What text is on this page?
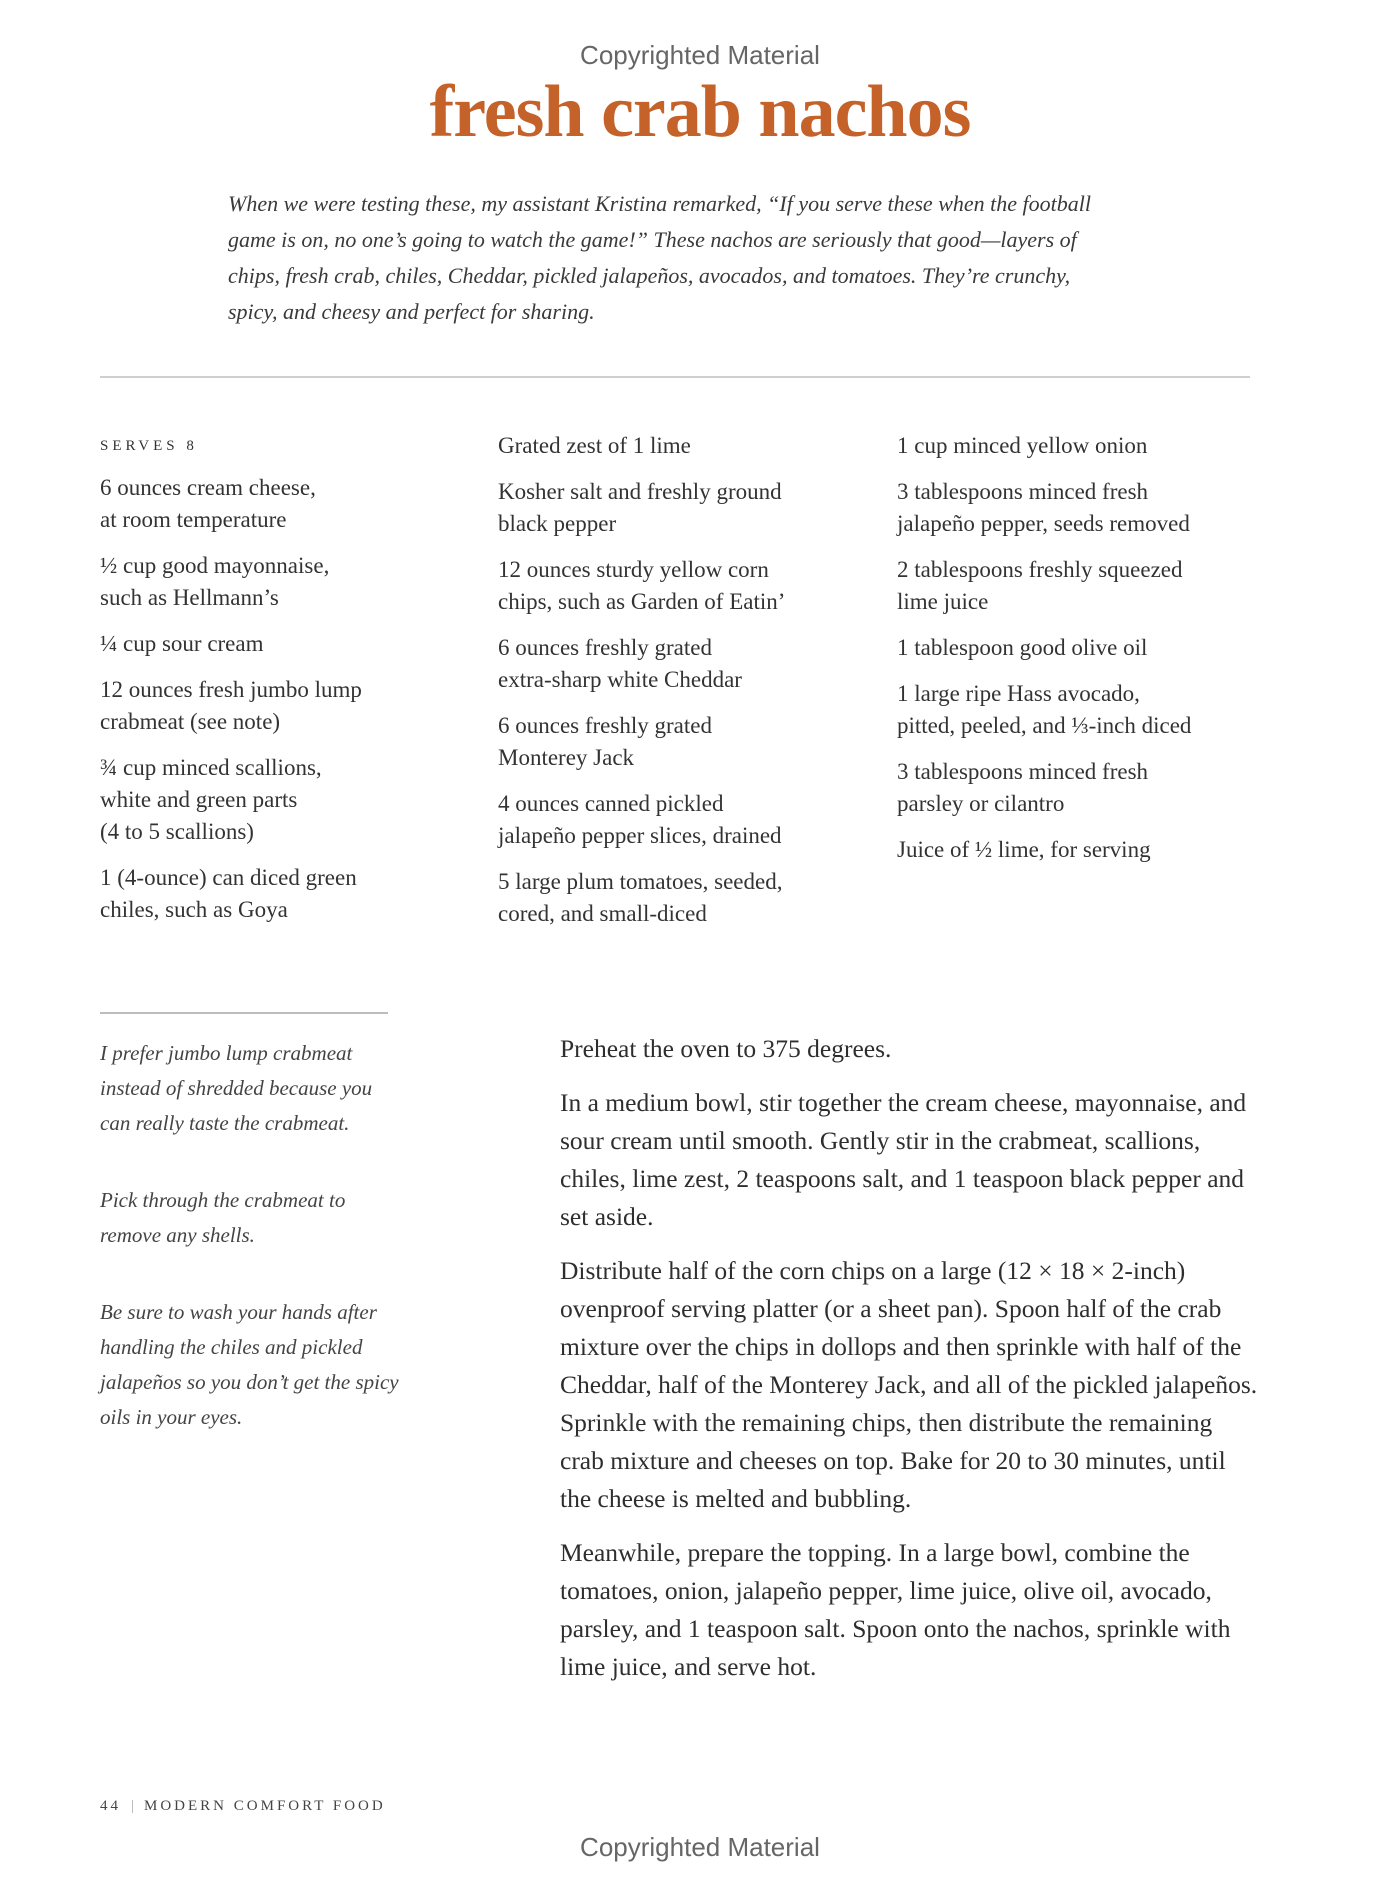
Copyrighted Material
fresh crab nachos

When we were testing these, my assistant Kristina remarked, “If you serve these when the football game is on, no one’s going to watch the game!” These nachos are seriously that good—layers of chips, fresh crab, chiles, Cheddar, pickled jalapeños, avocados, and tomatoes. They’re crunchy, spicy, and cheesy and perfect for sharing.

SERVES 8

6 ounces cream cheese,
at room temperature

½ cup good mayonnaise,
such as Hellmann’s

¼ cup sour cream

12 ounces fresh jumbo lump
crabmeat (see note)

¾ cup minced scallions,
white and green parts
(4 to 5 scallions)

1 (4-ounce) can diced green
chiles, such as Goya

Grated zest of 1 lime

Kosher salt and freshly ground
black pepper

12 ounces sturdy yellow corn
chips, such as Garden of Eatin’

6 ounces freshly grated
extra-sharp white Cheddar

6 ounces freshly grated
Monterey Jack

4 ounces canned pickled
jalapeño pepper slices, drained

5 large plum tomatoes, seeded,
cored, and small-diced

1 cup minced yellow onion

3 tablespoons minced fresh
jalapeño pepper, seeds removed

2 tablespoons freshly squeezed
lime juice

1 tablespoon good olive oil

1 large ripe Hass avocado,
pitted, peeled, and ⅓-inch diced

3 tablespoons minced fresh
parsley or cilantro

Juice of ½ lime, for serving

I prefer jumbo lump crabmeat instead of shredded because you can really taste the crabmeat.

Pick through the crabmeat to remove any shells.

Be sure to wash your hands after handling the chiles and pickled jalapeños so you don’t get the spicy oils in your eyes.

Preheat the oven to 375 degrees.

In a medium bowl, stir together the cream cheese, mayonnaise, and sour cream until smooth. Gently stir in the crabmeat, scallions, chiles, lime zest, 2 teaspoons salt, and 1 teaspoon black pepper and set aside.

Distribute half of the corn chips on a large (12 × 18 × 2-inch) ovenproof serving platter (or a sheet pan). Spoon half of the crab mixture over the chips in dollops and then sprinkle with half of the Cheddar, half of the Monterey Jack, and all of the pickled jalapeños. Sprinkle with the remaining chips, then distribute the remaining crab mixture and cheeses on top. Bake for 20 to 30 minutes, until the cheese is melted and bubbling.

Meanwhile, prepare the topping. In a large bowl, combine the tomatoes, onion, jalapeño pepper, lime juice, olive oil, avocado, parsley, and 1 teaspoon salt. Spoon onto the nachos, sprinkle with lime juice, and serve hot.

44 | MODERN COMFORT FOOD
Copyrighted Material
